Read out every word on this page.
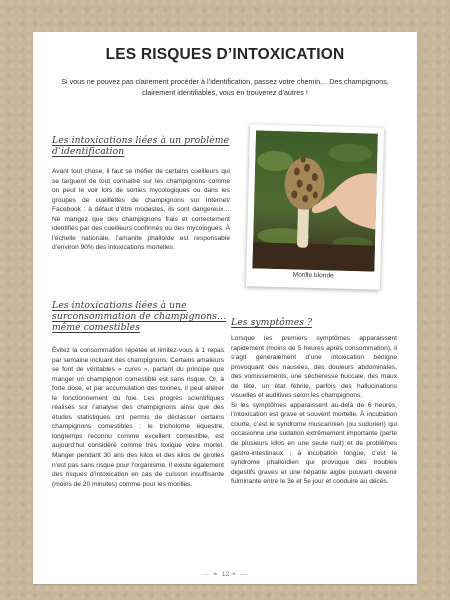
LES RISQUES D’INTOXICATION
Si vous ne pouvez pas clairement procéder à l’identification, passez votre chemin… Des champignons, clairement identifiables, vous en trouverez d’autres !
Les intoxications liées à un problème d’identification

Avant tout chose, il faut se méfier de certains cueilleurs qui se targuent de tout connaitre sur les champignons comme on peut le voir lors de sorties mycologiques ou dans les groupes de cueillettes de champignons sur Internet/ Facebook : à défaut d’être modestes, ils sont dangereux… Ne mangez que des champignons frais et correctement identifiés par des cueilleurs confirmés ou des mycologues. À l’échelle nationale, l’amanite phalloïde est responsable d’environ 90% des intoxications mortelles.

Morille blonde
Les intoxications liées à une surconsommation de champignons… même comestibles

Évitez la consommation répétée et limitez-vous à 1 repas par semaine incluant des champignons. Certains amateurs se font de véritables « cures », partant du principe que manger un champignon comestible est sans risque. Or, à forte dose, et par accumulation des toxines, il peut altérer le fonctionnement du foie. Les progrès scientifiques réalisés sur l’analyse des champignons ainsi que des études statistiques ont permis de déclasser certains champignons comestibles : le tricholome équestre, longtemps reconnu comme excellent comestible, est aujourd’hui considéré comme très toxique voire mortel. Manger pendant 30 ans des kilos et des kilos de girolles n’est pas sans risque pour l’organisme. Il existe également des risques d’intoxication en cas de cuisson insuffisante (moins de 20 minutes) comme pour les morilles.

Les symptômes ?

Lorsque les premiers symptômes apparaissent rapidement (moins de 5 heures après consommation), il s’agit généralement d’une intoxication bénigne provoquant des nausées, des douleurs abdominales, des vomissements, une sécheresse buccale, des maux de tête, un état fébrile, parfois des hallucinations visuelles et auditives selon les champignons.

Si les symptômes apparaissent au-delà de 6 heures, l’intoxication est grave et souvent mortelle. À incubation courte, c’est le syndrome muscarinien (ou sudorien) qui occasionne une sudation extrêmement importante (perte de plusieurs kilos en une seule nuit) et de problèmes gastro-intestinaux ; à incubation longue, c’est le syndrome phalloïdien qui provoque des troubles digestifs graves et une hépatite aigüe pouvant devenir fulminante entre le 3e et 5e jour et conduire au décès.

— ❧ 12 ❧ —
